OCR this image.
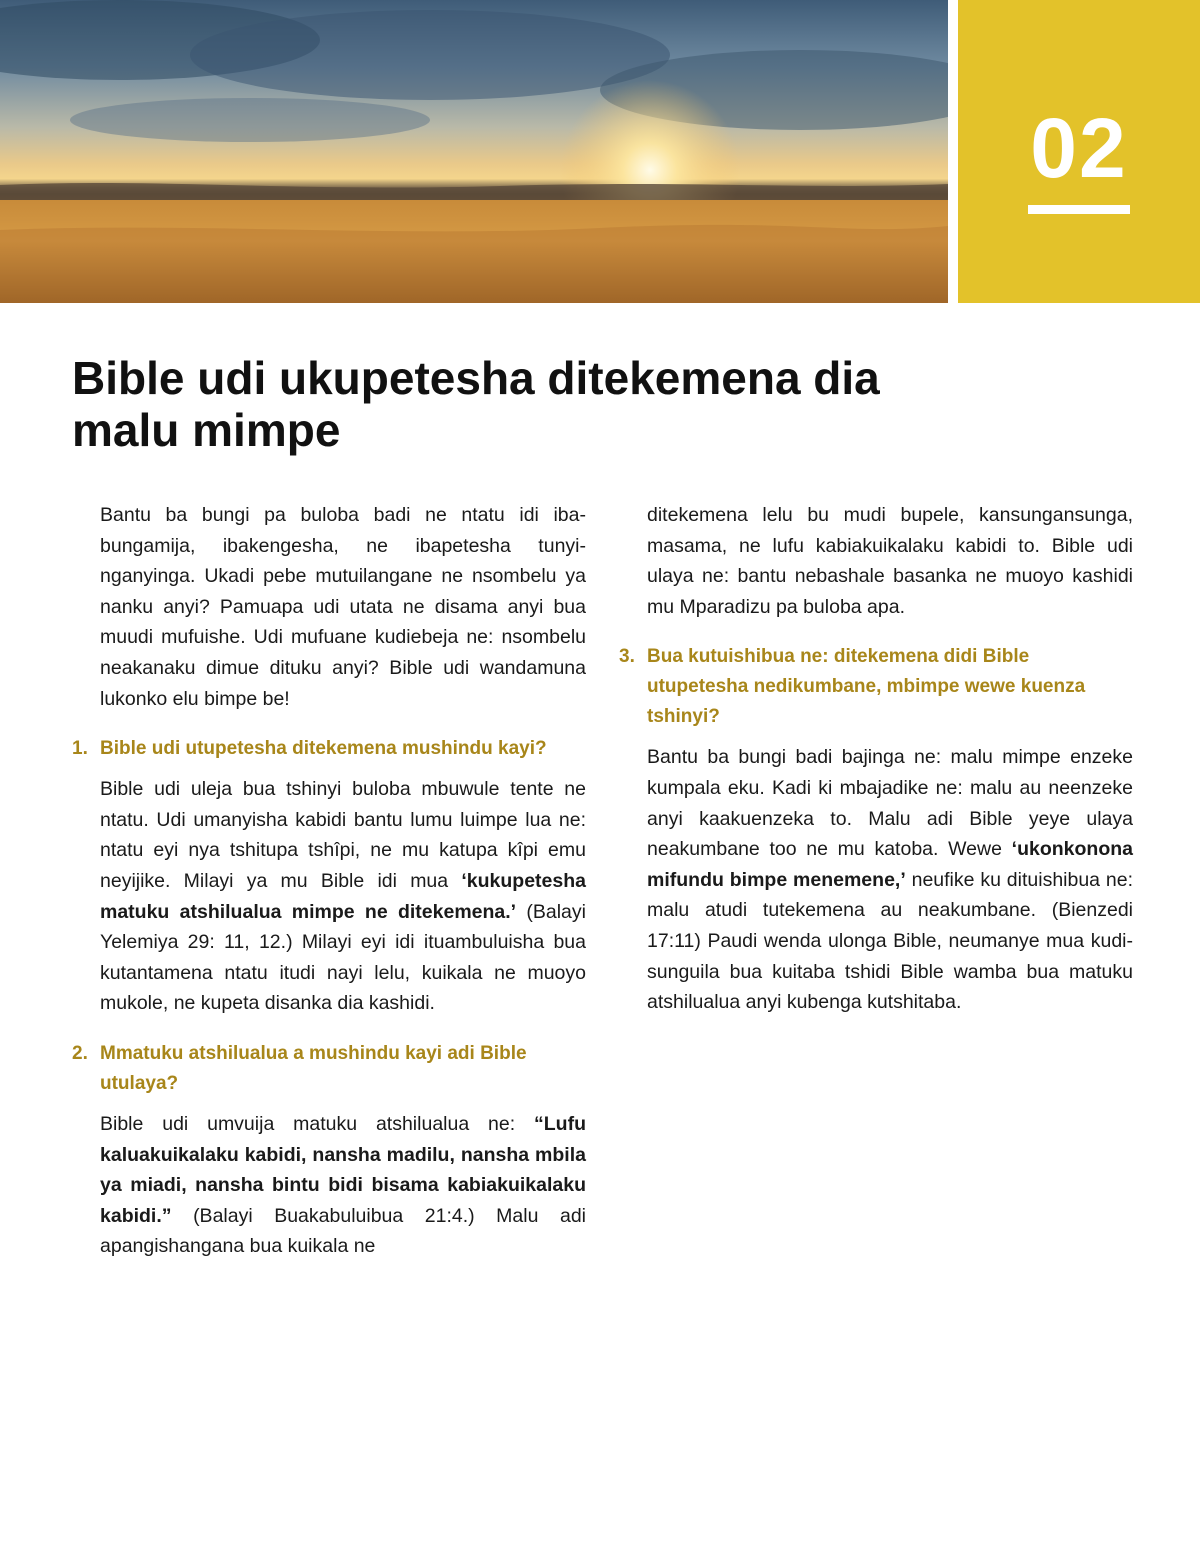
02
Bible udi ukupetesha ditekemena dia malu mimpe

Bantu ba bungi pa buloba badi ne ntatu idi ibabungamija, ibakengesha, ne ibapetesha tunyinganyinga. Ukadi pebe mutuilangane ne nsombelu ya nanku anyi? Pamuapa udi utata ne disama anyi bua muudi mufuishe. Udi mufuane kudiebeja ne: nsombelu neakanaku dimue dituku anyi? Bible udi wandamuna lukonko elu bimpe be!

1. Bible udi utupetesha ditekemena mushindu kayi?

Bible udi uleja bua tshinyi buloba mbuwule tente ne ntatu. Udi umanyisha kabidi bantu lumu luimpe lua ne: ntatu eyi nya tshitupa tshîpi, ne mu katupa kîpi emu neyijike. Milayi ya mu Bible idi mua ‘kukupetesha matuku atshilualua mimpe ne ditekemena.’ (Balayi Yelemiya 29: 11, 12.) Milayi eyi idi ituambuluisha bua kutantamena ntatu itudi nayi lelu, kuikala ne muoyo mukole, ne kupeta disanka dia kashidi.

2. Mmatuku atshilualua a mushindu kayi adi Bible utulaya?

Bible udi umvuija matuku atshilualua ne: “Lufu kaluakuikalaku kabidi, nansha madilu, nansha mbila ya miadi, nansha bintu bidi bisama kabiakuikalaku kabidi.” (Balayi Buakabuluibua 21:4.) Malu adi apangishangana bua kuikala ne

ditekemena lelu bu mudi bupele, kansungansunga, masama, ne lufu kabiakuikalaku kabidi to. Bible udi ulaya ne: bantu nebashale basanka ne muoyo kashidi mu Mparadizu pa buloba apa.

3. Bua kutuishibua ne: ditekemena didi Bible utupetesha nedikumbane, mbimpe wewe kuenza tshinyi?

Bantu ba bungi badi bajinga ne: malu mimpe enzeke kumpala eku. Kadi ki mbajadike ne: malu au neenzeke anyi kaakuenzeka to. Malu adi Bible yeye ulaya neakumbane too ne mu katoba. Wewe ‘ukonkonona mifundu bimpe menemene,’ neufike ku dituishibua ne: malu atudi tutekemena au neakumbane. (Bienzedi 17:11) Paudi wenda ulonga Bible, neumanye mua kudisunguila bua kuitaba tshidi Bible wamba bua matuku atshilualua anyi kubenga kutshitaba.
